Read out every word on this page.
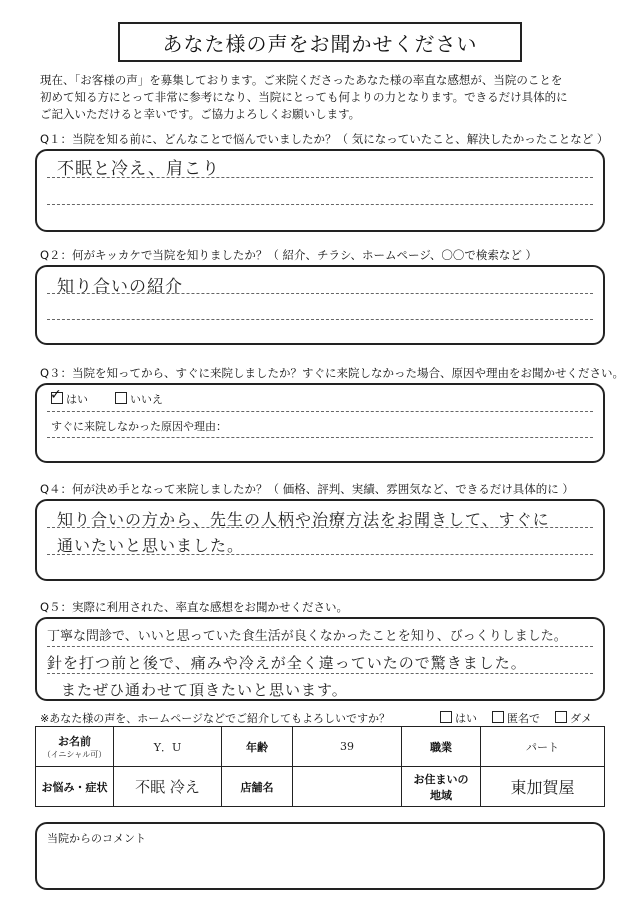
あなた様の声をお聞かせください
現在、「お客様の声」を募集しております。ご来院くださったあなた様の率直な感想が、当院のことを
初めて知る方にとって非常に参考になり、当院にとっても何よりの力となります。できるだけ具体的に
ご記入いただけると幸いです。ご協力よろしくお願いします。
Q１：当院を知る前に、どんなことで悩んでいましたか？（ 気になっていたこと、解決したかったことなど ）
不眠と冷え、肩こり
Q２：何がキッカケで当院を知りましたか？（ 紹介、チラシ、ホームページ、〇〇で検索など ）
知り合いの紹介
Q３：当院を知ってから、すぐに来院しましたか？すぐに来院しなかった場合、原因や理由をお聞かせください。
✓ はい	いいえ
すぐに来院しなかった原因や理由：
Q４：何が決め手となって来院しましたか？（ 価格、評判、実績、雰囲気など、できるだけ具体的に ）
知り合いの方から、先生の人柄や治療方法をお聞きして、すぐに
通いたいと思いました。
Q５：実際に利用された、率直な感想をお聞かせください。
丁寧な問診で、いいと思っていた食生活が良くなかったことを知り、びっくりしました。
針を打つ前と後で、痛みや冷えが全く違っていたので驚きました。
またぜひ通わせて頂きたいと思います。
※あなた様の声を、ホームページなどでご紹介してもよろしいですか？	はい	匿名で	ダメ
お名前
（イニシャル可）	Y．U	年齢	39	職業	パート
お悩み・症状	不眠 冷え	店舗名		お住まいの
地域	東加賀屋
当院からのコメント
